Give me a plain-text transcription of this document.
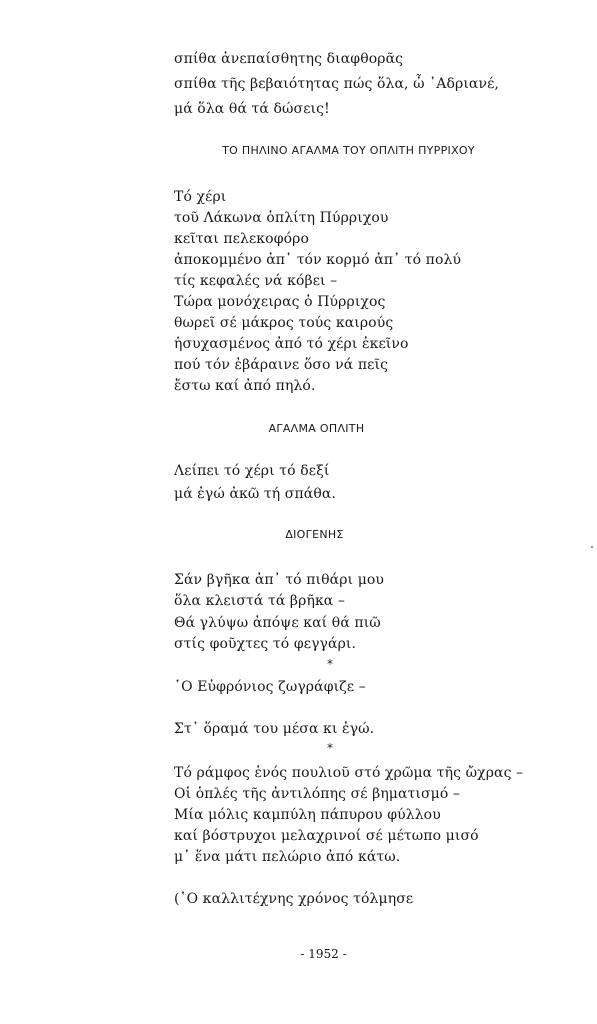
σπίθα ἀνεπαίσθητης διαφθορᾶς
σπίθα τῆς βεβαιότητας πώς ὅλα, ὦ ᾽Αδριανέ,
μά ὅλα θά τά δώσεις!
ΤΟ ΠΗΛΙΝΟ ΑΓΑΛΜΑ ΤΟΥ ΟΠΛΙΤΗ ΠΥΡΡΙΧΟΥ
Τό χέρι
τοῦ Λάκωνα ὁπλίτη Πύρριχου
κεῖται πελεκοφόρο
ἀποκομμένο ἀπ᾽ τόν κορμό ἀπ᾽ τό πολύ
τίς κεφαλές νά κόβει –
Τώρα μονόχειρας ὁ Πύρριχος
θωρεῖ σέ μάκρος τούς καιρούς
ἡσυχασμένος ἀπό τό χέρι ἐκεῖνο
πού τόν ἐβάραινε ὅσο νά πεῖς
ἔστω καί ἀπό πηλό.
ΑΓΑΛΜΑ ΟΠΛΙΤΗ
Λείπει τό χέρι τό δεξί
μά ἐγώ ἀκῶ τή σπάθα.
ΔΙΟΓΕΝΗΣ
Σάν βγῆκα ἀπ᾽ τό πιθάρι μου
ὅλα κλειστά τά βρῆκα –
Θά γλύψω ἀπόψε καί θά πιῶ
στίς φοῦχτες τό φεγγάρι.
*
῾Ο Εὐφρόνιος ζωγράφιζε –
Στ᾽ ὅραμά του μέσα κι ἐγώ.
*
Τό ράμφος ἑνός πουλιοῦ στό χρῶμα τῆς ὤχρας –
Οἱ ὁπλές τῆς ἀντιλόπης σέ βηματισμό –
Μία μόλις καμπύλη πάπυρου φύλλου
καί βόστρυχοι μελαχρινοί σέ μέτωπο μισό
μ᾽ ἕνα μάτι πελώριο ἀπό κάτω.
(῾Ο καλλιτέχνης χρόνος τόλμησε
- 1952 -
